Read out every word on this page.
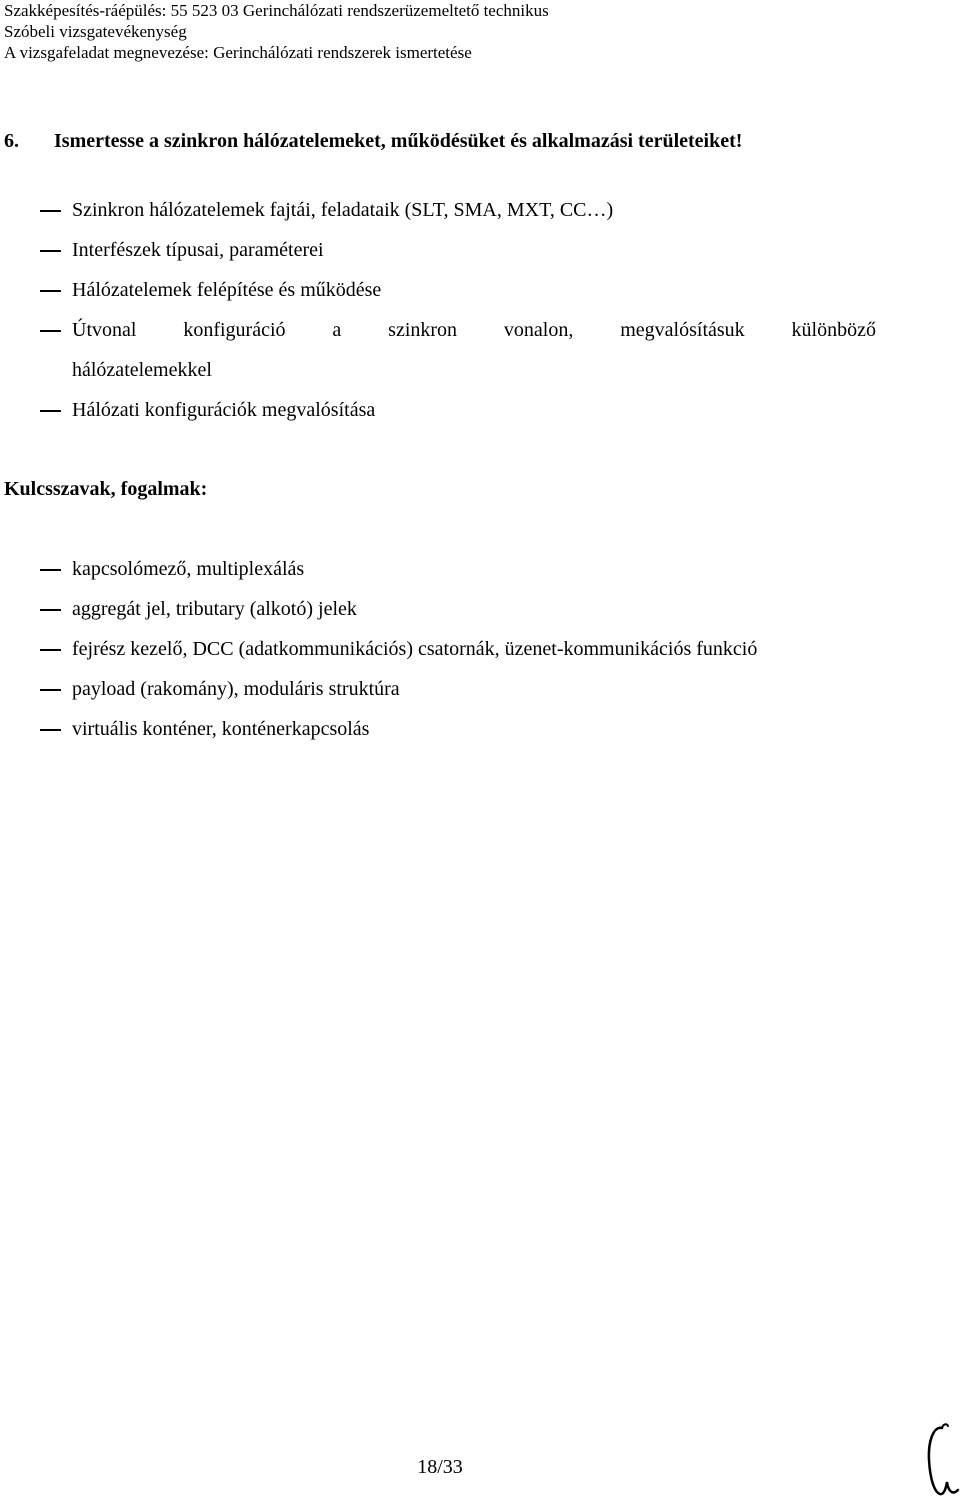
Szakképesítés-ráépülés: 55 523 03 Gerinchálózati rendszerüzemeltető technikus
Szóbeli vizsgatevékenység
A vizsgafeladat megnevezése: Gerinchálózati rendszerek ismertetése
6. Ismertesse a szinkron hálózatelemeket, működésüket és alkalmazási területeiket!
Szinkron hálózatelemek fajtái, feladataik (SLT, SMA, MXT, CC…)
Interfészek típusai, paraméterei
Hálózatelemek felépítése és működése
Útvonal konfiguráció a szinkron vonalon, megvalósításuk különböző
hálózatelemekkel
Hálózati konfigurációk megvalósítása
Kulcsszavak, fogalmak:
kapcsolómező, multiplexálás
aggregát jel, tributary (alkotó) jelek
fejrész kezelő, DCC (adatkommunikációs) csatornák, üzenet-kommunikációs funkció
payload (rakomány), moduláris struktúra
virtuális konténer, konténerkapcsolás
18/33
